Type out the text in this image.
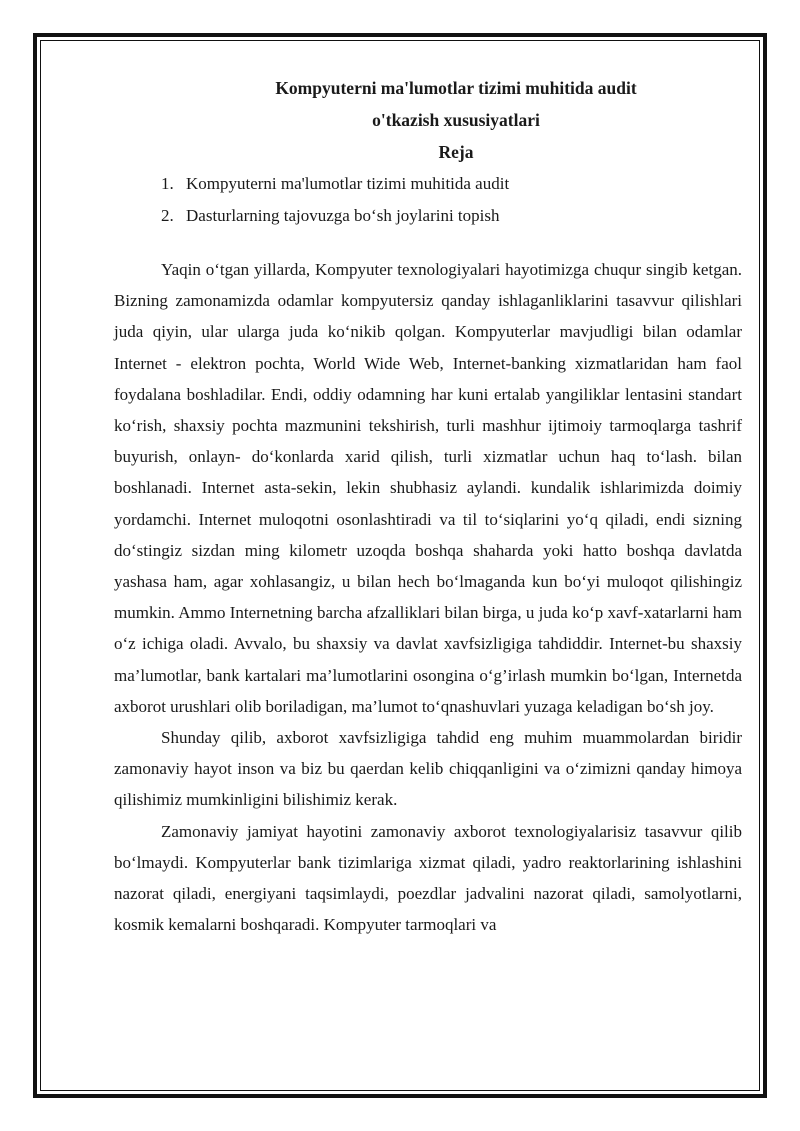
Kompyuterni ma'lumotlar tizimi muhitida audit

o'tkazish xususiyatlari

Reja

1. Kompyuterni ma'lumotlar tizimi muhitida audit
2. Dasturlarning tajovuzga bo‘sh joylarini topish

Yaqin o‘tgan yillarda, Kompyuter texnologiyalari hayotimizga chuqur singib ketgan. Bizning zamonamizda odamlar kompyutersiz qanday ishlaganliklarini tasavvur qilishlari juda qiyin, ular ularga juda ko‘nikib qolgan. Kompyuterlar mavjudligi bilan odamlar Internet - elektron pochta, World Wide Web, Internet-banking xizmatlaridan ham faol foydalana boshladilar. Endi, oddiy odamning har kuni ertalab yangiliklar lentasini standart ko‘rish, shaxsiy pochta mazmunini tekshirish, turli mashhur ijtimoiy tarmoqlarga tashrif buyurish, onlayn- do‘konlarda xarid qilish, turli xizmatlar uchun haq to‘lash. bilan boshlanadi. Internet asta-sekin, lekin shubhasiz aylandi. kundalik ishlarimizda doimiy yordamchi. Internet muloqotni osonlashtiradi va til to‘siqlarini yo‘q qiladi, endi sizning do‘stingiz sizdan ming kilometr uzoqda boshqa shaharda yoki hatto boshqa davlatda yashasa ham, agar xohlasangiz, u bilan hech bo‘lmaganda kun bo‘yi muloqot qilishingiz mumkin. Ammo Internetning barcha afzalliklari bilan birga, u juda ko‘p xavf-xatarlarni ham o‘z ichiga oladi. Avvalo, bu shaxsiy va davlat xavfsizligiga tahdiddir. Internet-bu shaxsiy ma’lumotlar, bank kartalari ma’lumotlarini osongina o‘g’irlash mumkin bo‘lgan, Internetda axborot urushlari olib boriladigan, ma’lumot to‘qnashuvlari yuzaga keladigan bo‘sh joy.

Shunday qilib, axborot xavfsizligiga tahdid eng muhim muammolardan biridir zamonaviy hayot inson va biz bu qaerdan kelib chiqqanligini va o‘zimizni qanday himoya qilishimiz mumkinligini bilishimiz kerak.

Zamonaviy jamiyat hayotini zamonaviy axborot texnologiyalarisiz tasavvur qilib bo‘lmaydi. Kompyuterlar bank tizimlariga xizmat qiladi, yadro reaktorlarining ishlashini nazorat qiladi, energiyani taqsimlaydi, poezdlar jadvalini nazorat qiladi, samolyotlarni, kosmik kemalarni boshqaradi. Kompyuter tarmoqlari va
